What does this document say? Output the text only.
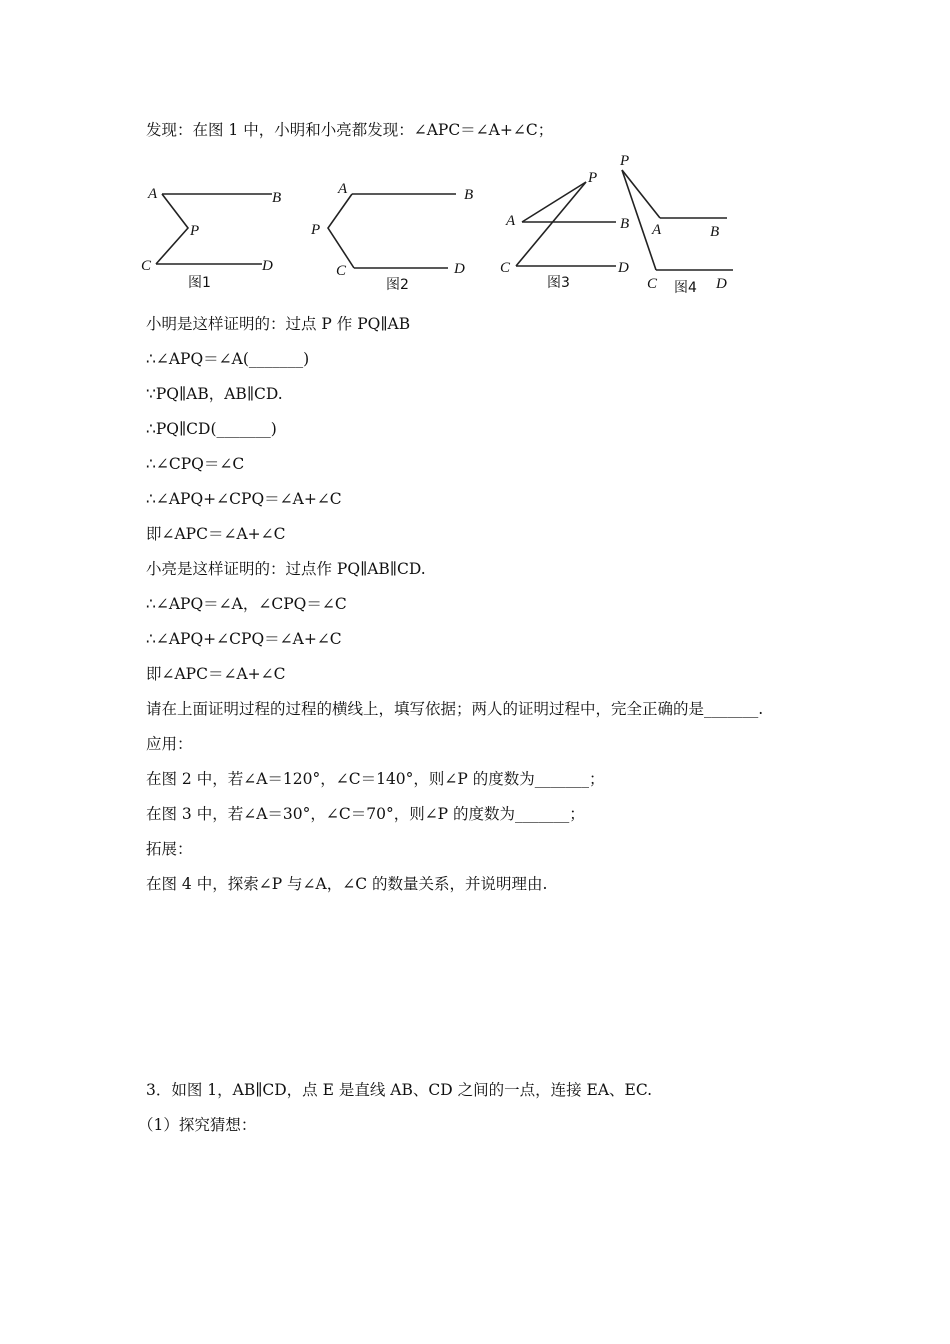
发现：在图 1 中，小明和小亮都发现：∠APC＝∠A+∠C；
A	B
P
C	D
图1
A	B
P
C	D
图2
P
A	B
C	D
图3
P
A	B
C	D
图4
小明是这样证明的：过点 P 作 PQ∥AB
∴∠APQ＝∠A(_______)
∵PQ∥AB，AB∥CD.
∴PQ∥CD(_______)
∴∠CPQ＝∠C
∴∠APQ+∠CPQ＝∠A+∠C
即∠APC＝∠A+∠C
小亮是这样证明的：过点作 PQ∥AB∥CD.
∴∠APQ＝∠A，∠CPQ＝∠C
∴∠APQ+∠CPQ＝∠A+∠C
即∠APC＝∠A+∠C
请在上面证明过程的过程的横线上，填写依据；两人的证明过程中，完全正确的是_______.
应用：
在图 2 中，若∠A＝120°，∠C＝140°，则∠P 的度数为_______；
在图 3 中，若∠A＝30°，∠C＝70°，则∠P 的度数为_______；
拓展：
在图 4 中，探索∠P 与∠A，∠C 的数量关系，并说明理由.
3．如图 1，AB∥CD，点 E 是直线 AB、CD 之间的一点，连接 EA、EC.
（1）探究猜想：
